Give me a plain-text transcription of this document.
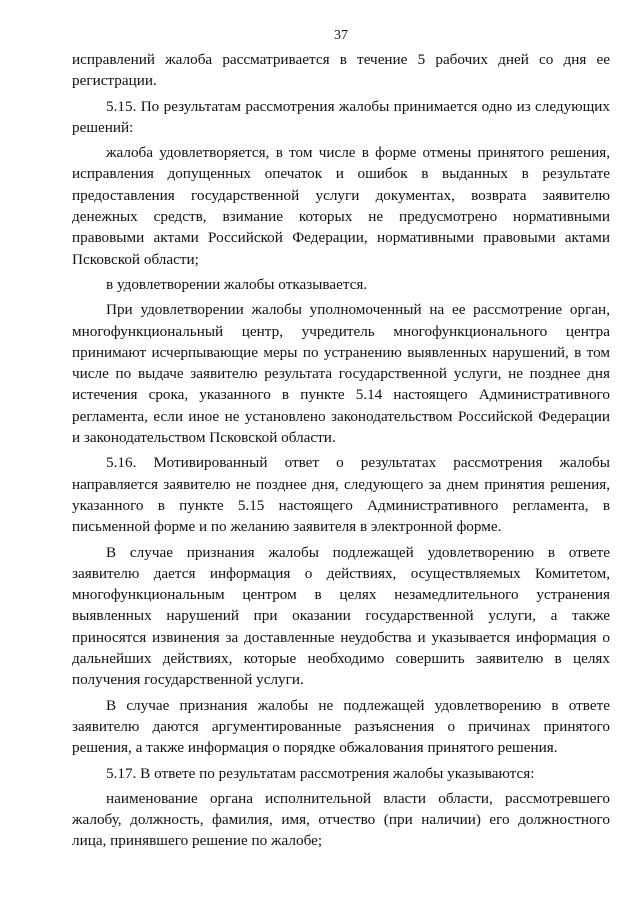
37

исправлений жалоба рассматривается в течение 5 рабочих дней со дня ее регистрации.

5.15. По результатам рассмотрения жалобы принимается одно из следующих решений:

жалоба удовлетворяется, в том числе в форме отмены принятого решения, исправления допущенных опечаток и ошибок в выданных в результате предоставления государственной услуги документах, возврата заявителю денежных средств, взимание которых не предусмотрено нормативными правовыми актами Российской Федерации, нормативными правовыми актами Псковской области;

в удовлетворении жалобы отказывается.

При удовлетворении жалобы уполномоченный на ее рассмотрение орган, многофункциональный центр, учредитель многофункционального центра принимают исчерпывающие меры по устранению выявленных нарушений, в том числе по выдаче заявителю результата государственной услуги, не позднее дня истечения срока, указанного в пункте 5.14 настоящего Административного регламента, если иное не установлено законодательством Российской Федерации и законодательством Псковской области.

5.16. Мотивированный ответ о результатах рассмотрения жалобы направляется заявителю не позднее дня, следующего за днем принятия решения, указанного в пункте 5.15 настоящего Административного регламента, в письменной форме и по желанию заявителя в электронной форме.

В случае признания жалобы подлежащей удовлетворению в ответе заявителю дается информация о действиях, осуществляемых Комитетом, многофункциональным центром в целях незамедлительного устранения выявленных нарушений при оказании государственной услуги, а также приносятся извинения за доставленные неудобства и указывается информация о дальнейших действиях, которые необходимо совершить заявителю в целях получения государственной услуги.

В случае признания жалобы не подлежащей удовлетворению в ответе заявителю даются аргументированные разъяснения о причинах принятого решения, а также информация о порядке обжалования принятого решения.

5.17. В ответе по результатам рассмотрения жалобы указываются:

наименование органа исполнительной власти области, рассмотревшего жалобу, должность, фамилия, имя, отчество (при наличии) его должностного лица, принявшего решение по жалобе;
